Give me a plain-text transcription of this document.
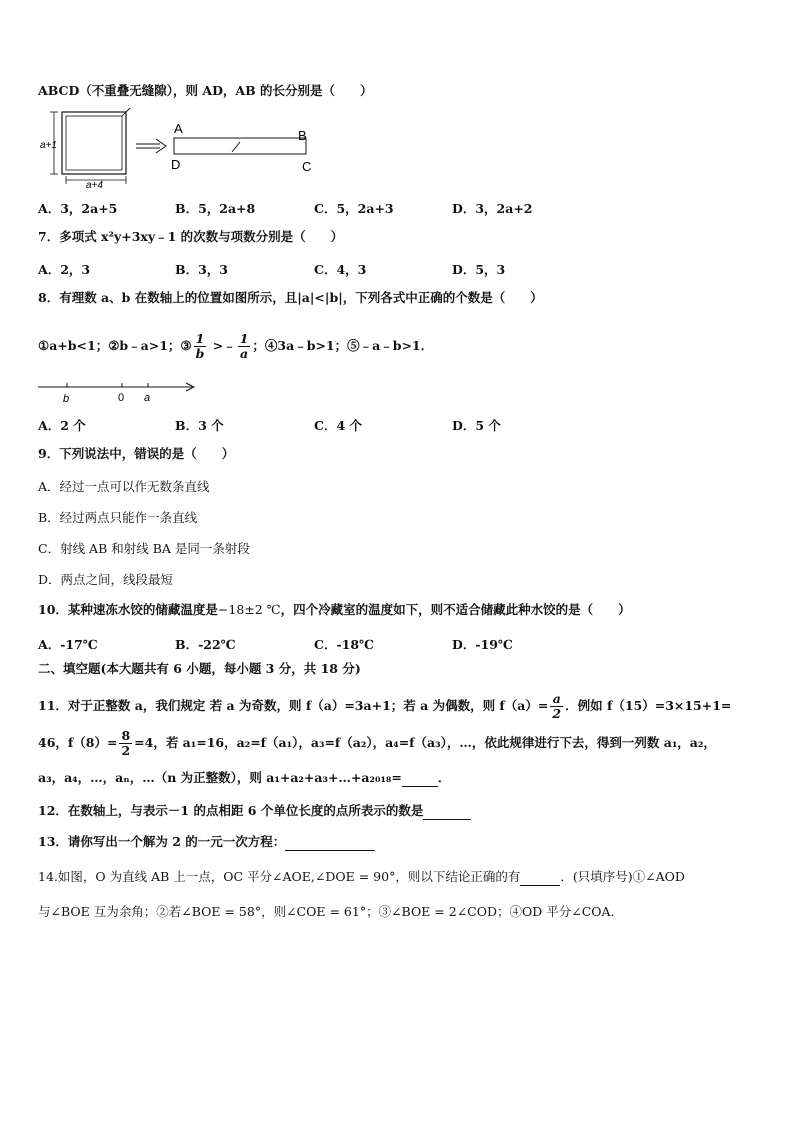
ABCD（不重叠无缝隙），则 AD，AB 的长分别是（　　）
a+1
a+4
A	B
D	C
A．3，2a+5	B．5，2a+8	C．5，2a+3	D．3，2a+2
7．多项式 x²y+3xy﹣1 的次数与项数分别是（　　）
A．2，3	B．3，3	C．4，3	D．5，3
8．有理数 a、b 在数轴上的位置如图所示，且|a|<|b|，下列各式中正确的个数是（　　）
①a+b<1；②b﹣a>1；③ $\frac{1}{b}$ >﹣ $\frac{1}{a}$ ；④3a﹣b>1；⑤﹣a﹣b>1．
b	0 a
A．2 个	B．3 个	C．4 个	D．5 个
9．下列说法中，错误的是（　　）
A．经过一点可以作无数条直线
B．经过两点只能作一条直线
C．射线 AB 和射线 BA 是同一条射段
D．两点之间，线段最短
10．某种速冻水饺的储藏温度是−18±2 ℃，四个冷藏室的温度如下，则不适合储藏此种水饺的是（　　）
A．-17℃	B．-22℃	C．-18℃	D．-19℃
二、填空题(本大题共有 6 小题，每小题 3 分，共 18 分)
11．对于正整数 a，我们规定 若 a 为奇数，则 f（a）=3a+1；若 a 为偶数，则 $f(a)= \frac{a}{2}$ ．例如 f（15）=3×15+1=
46，$f(8)= \frac{8}{2} =4$，若 a₁=16，a₂=f（a₁），a₃=f（a₂），a₄=f（a₃），…，依此规律进行下去，得到一列数 a₁，a₂，
a₃，a₄，…，aₙ，…（n 为正整数），则 a₁+a₂+a₃+…+a₂₀₁₈=	．
12．在数轴上，与表示－1 的点相距 6 个单位长度的点所表示的数是
13．请你写出一个解为 2 的一元一次方程：
14.如图，O 为直线 AB 上一点，OC 平分∠AOE,∠DOE = 90°，则以下结论正确的有	．(只填序号)①∠AOD
与∠BOE 互为余角；②若∠BOE = 58°，则∠COE = 61°；③∠BOE = 2∠COD；④OD 平分∠COA．
